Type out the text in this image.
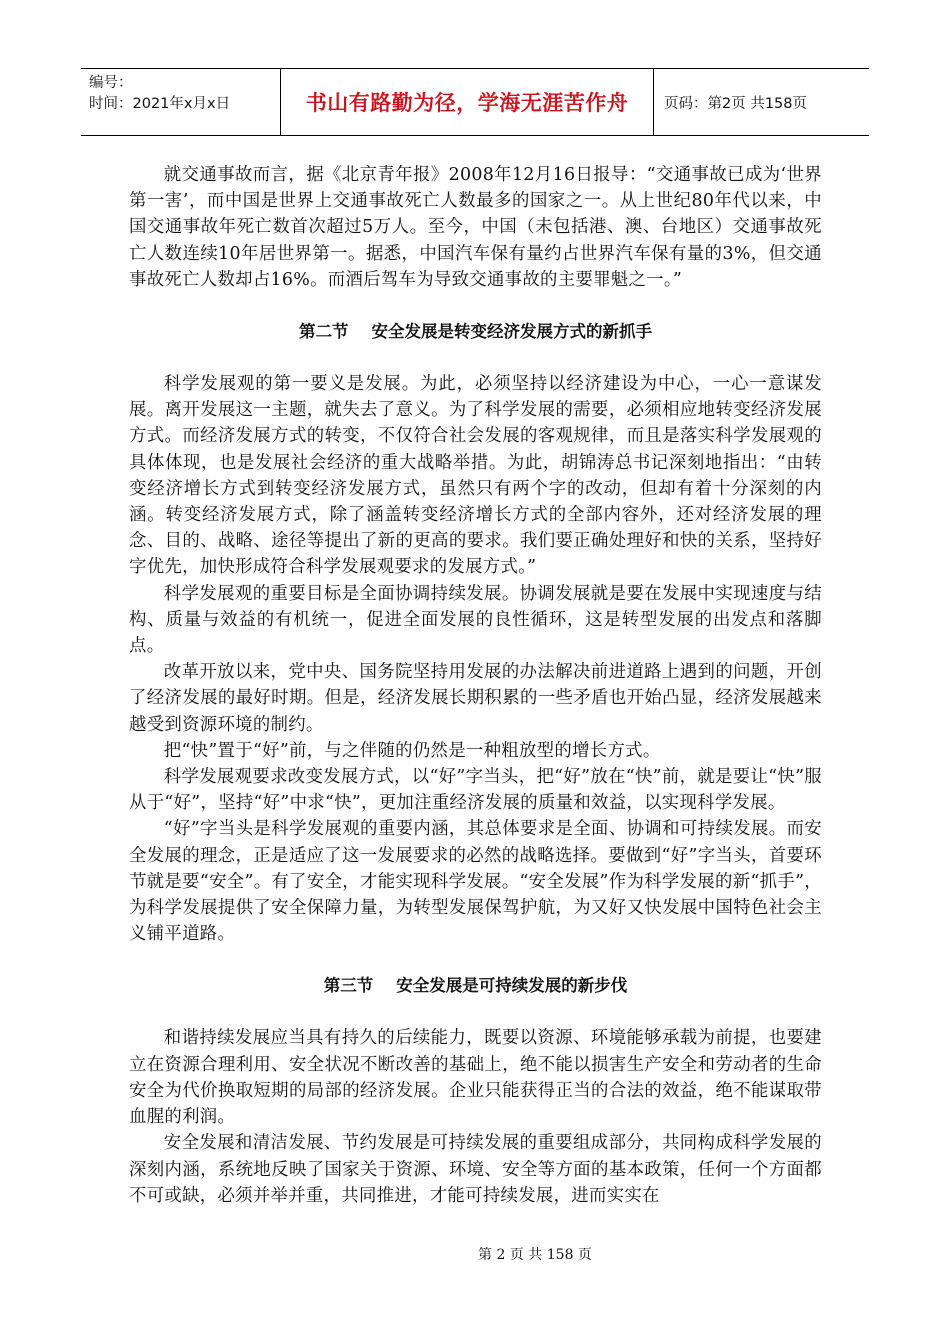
编号：
时间：2021年x月x日	书山有路勤为径，学海无涯苦作舟	页码：第2页 共158页

就交通事故而言，据《北京青年报》2008年12月16日报导：“交通事故已成为‘世界第一害’，而中国是世界上交通事故死亡人数最多的国家之一。从上世纪80年代以来，中国交通事故年死亡数首次超过5万人。至今，中国（未包括港、澳、台地区）交通事故死亡人数连续10年居世界第一。据悉，中国汽车保有量约占世界汽车保有量的3%，但交通事故死亡人数却占16%。而酒后驾车为导致交通事故的主要罪魁之一。”

第二节    安全发展是转变经济发展方式的新抓手

科学发展观的第一要义是发展。为此，必须坚持以经济建设为中心，一心一意谋发展。离开发展这一主题，就失去了意义。为了科学发展的需要，必须相应地转变经济发展方式。而经济发展方式的转变，不仅符合社会发展的客观规律，而且是落实科学发展观的具体体现，也是发展社会经济的重大战略举措。为此，胡锦涛总书记深刻地指出：“由转变经济增长方式到转变经济发展方式，虽然只有两个字的改动，但却有着十分深刻的内涵。转变经济发展方式，除了涵盖转变经济增长方式的全部内容外，还对经济发展的理念、目的、战略、途径等提出了新的更高的要求。我们要正确处理好和快的关系，坚持好字优先，加快形成符合科学发展观要求的发展方式。”

科学发展观的重要目标是全面协调持续发展。协调发展就是要在发展中实现速度与结构、质量与效益的有机统一，促进全面发展的良性循环，这是转型发展的出发点和落脚点。

改革开放以来，党中央、国务院坚持用发展的办法解决前进道路上遇到的问题，开创了经济发展的最好时期。但是，经济发展长期积累的一些矛盾也开始凸显，经济发展越来越受到资源环境的制约。

把“快”置于“好”前，与之伴随的仍然是一种粗放型的增长方式。

科学发展观要求改变发展方式，以“好”字当头，把“好”放在“快”前，就是要让“快”服从于“好”，坚持“好”中求“快”，更加注重经济发展的质量和效益，以实现科学发展。

“好”字当头是科学发展观的重要内涵，其总体要求是全面、协调和可持续发展。而安全发展的理念，正是适应了这一发展要求的必然的战略选择。要做到“好”字当头，首要环节就是要“安全”。有了安全，才能实现科学发展。“安全发展”作为科学发展的新“抓手”，为科学发展提供了安全保障力量，为转型发展保驾护航，为又好又快发展中国特色社会主义铺平道路。

第三节    安全发展是可持续发展的新步伐

和谐持续发展应当具有持久的后续能力，既要以资源、环境能够承载为前提，也要建立在资源合理利用、安全状况不断改善的基础上，绝不能以损害生产安全和劳动者的生命安全为代价换取短期的局部的经济发展。企业只能获得正当的合法的效益，绝不能谋取带血腥的利润。

安全发展和清洁发展、节约发展是可持续发展的重要组成部分，共同构成科学发展的深刻内涵，系统地反映了国家关于资源、环境、安全等方面的基本政策，任何一个方面都不可或缺，必须并举并重，共同推进，才能可持续发展，进而实实在

第 2 页 共 158 页
